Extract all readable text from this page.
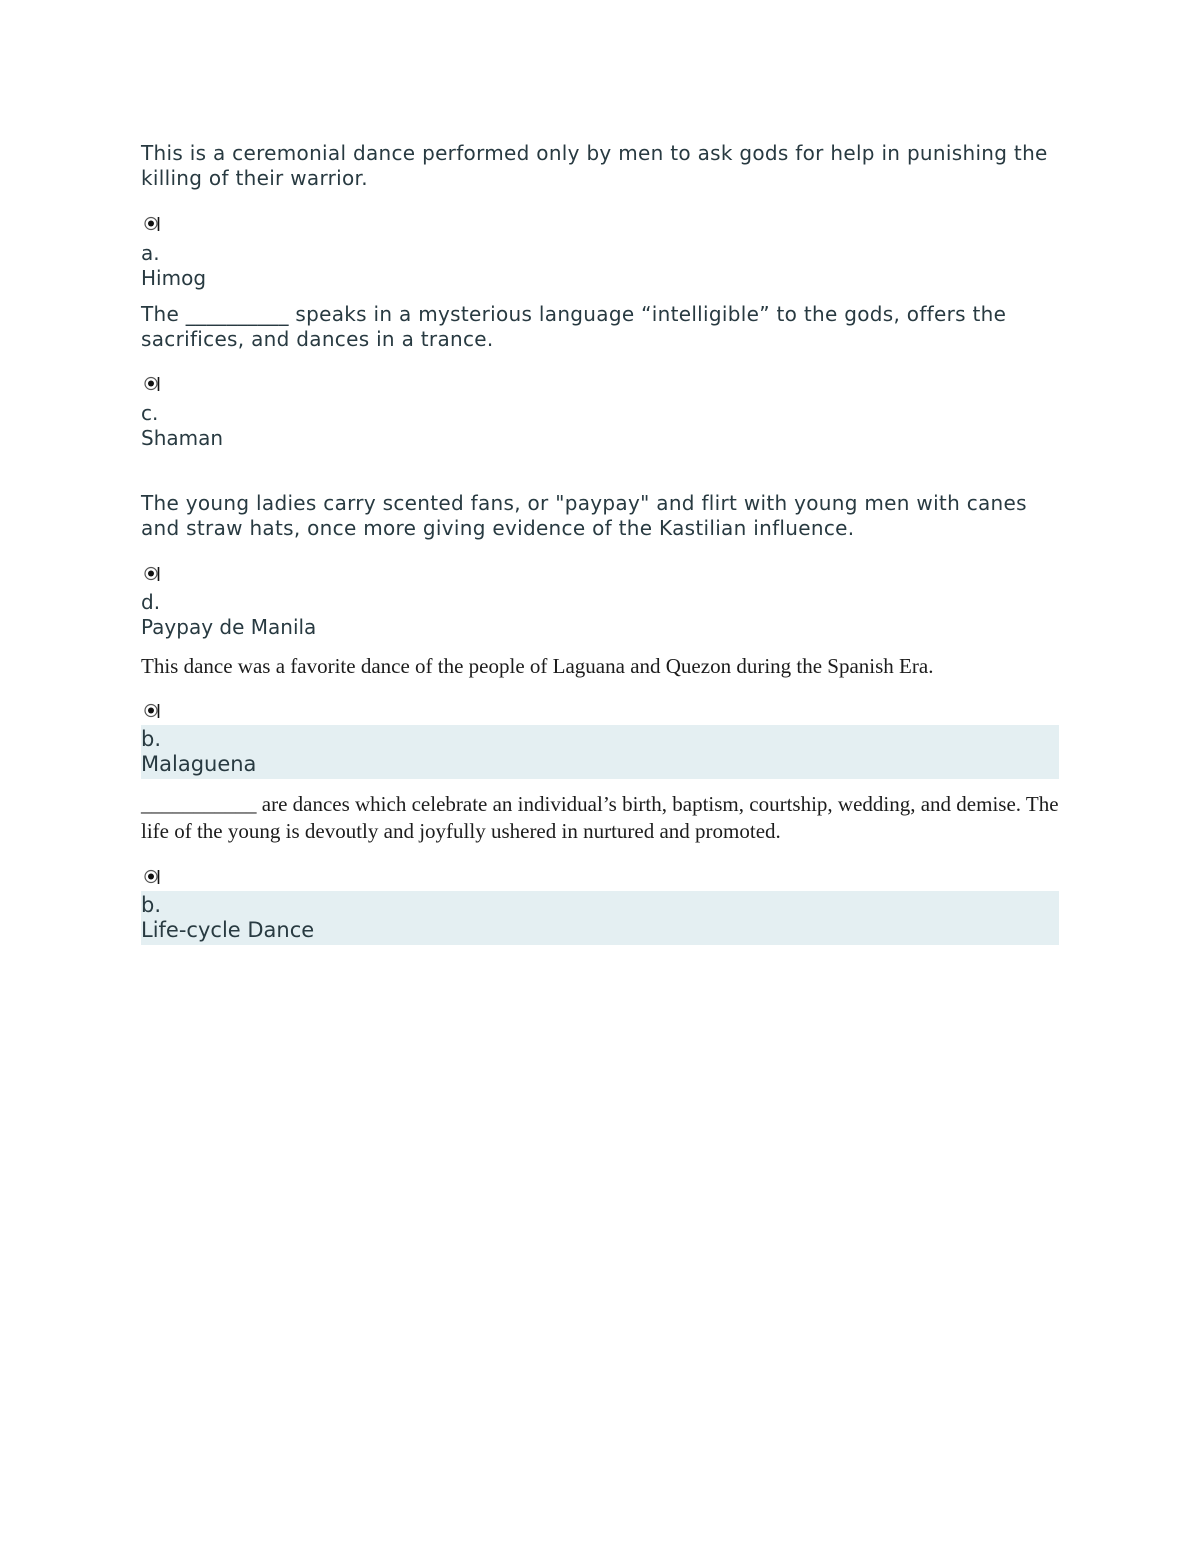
This is a ceremonial dance performed only by men to ask gods for help in punishing the killing of their warrior.
a.
Himog
The __________ speaks in a mysterious language “intelligible” to the gods, offers the sacrifices, and dances in a trance.
c.
Shaman
The young ladies carry scented fans, or "paypay" and flirt with young men with canes and straw hats, once more giving evidence of the Kastilian influence.
d.
Paypay de Manila
This dance was a favorite dance of the people of Laguana and Quezon during the Spanish Era.
b.
Malaguena
___________ are dances which celebrate an individual’s birth, baptism, courtship, wedding, and demise. The life of the young is devoutly and joyfully ushered in nurtured and promoted.
b.
Life-cycle Dance
